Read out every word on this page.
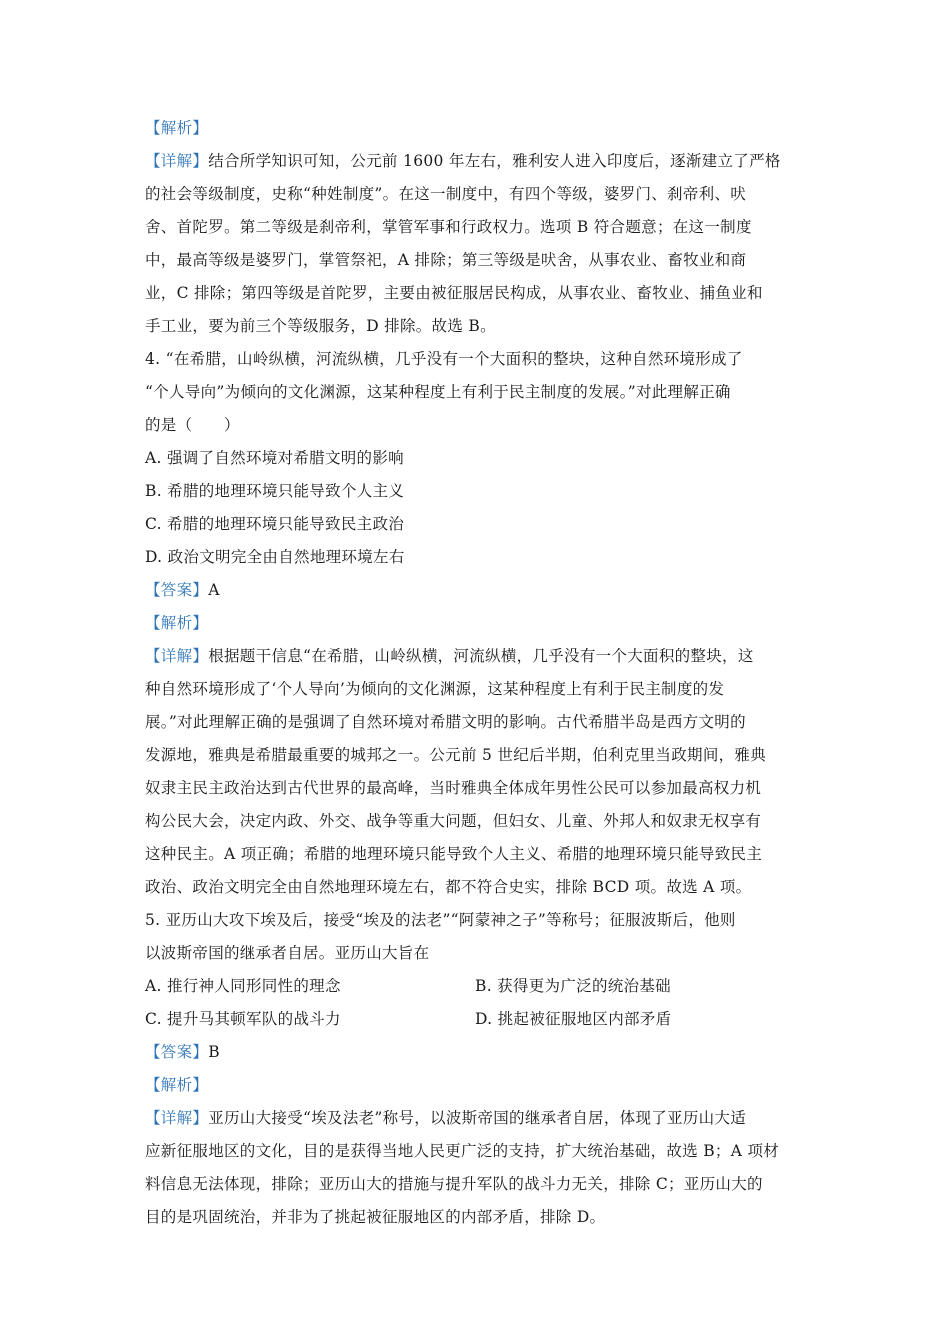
【解析】
【详解】结合所学知识可知，公元前 1600 年左右，雅利安人进入印度后，逐渐建立了严格
的社会等级制度，史称“种姓制度”。在这一制度中，有四个等级，婆罗门、刹帝利、吠
舍、首陀罗。第二等级是刹帝利，掌管军事和行政权力。选项 B 符合题意；在这一制度
中，最高等级是婆罗门，掌管祭祀，A 排除；第三等级是吠舍，从事农业、畜牧业和商
业，C 排除；第四等级是首陀罗，主要由被征服居民构成，从事农业、畜牧业、捕鱼业和
手工业，要为前三个等级服务，D 排除。故选 B。
4. “在希腊，山岭纵横，河流纵横，几乎没有一个大面积的整块，这种自然环境形成了
“个人导向”为倾向的文化渊源，这某种程度上有利于民主制度的发展。”对此理解正确
的是（　　）
A. 强调了自然环境对希腊文明的影响
B. 希腊的地理环境只能导致个人主义
C. 希腊的地理环境只能导致民主政治
D. 政治文明完全由自然地理环境左右
【答案】A
【解析】
【详解】根据题干信息“在希腊，山岭纵横，河流纵横，几乎没有一个大面积的整块，这
种自然环境形成了‘个人导向’为倾向的文化渊源，这某种程度上有利于民主制度的发
展。”对此理解正确的是强调了自然环境对希腊文明的影响。古代希腊半岛是西方文明的
发源地，雅典是希腊最重要的城邦之一。公元前 5 世纪后半期，伯利克里当政期间，雅典
奴隶主民主政治达到古代世界的最高峰，当时雅典全体成年男性公民可以参加最高权力机
构公民大会，决定内政、外交、战争等重大问题，但妇女、儿童、外邦人和奴隶无权享有
这种民主。A 项正确；希腊的地理环境只能导致个人主义、希腊的地理环境只能导致民主
政治、政治文明完全由自然地理环境左右，都不符合史实，排除 BCD 项。故选 A 项。
5. 亚历山大攻下埃及后，接受“埃及的法老”“阿蒙神之子”等称号；征服波斯后，他则
以波斯帝国的继承者自居。亚历山大旨在
A. 推行神人同形同性的理念	B. 获得更为广泛的统治基础
C. 提升马其顿军队的战斗力	D. 挑起被征服地区内部矛盾
【答案】B
【解析】
【详解】亚历山大接受“埃及法老”称号，以波斯帝国的继承者自居，体现了亚历山大适
应新征服地区的文化，目的是获得当地人民更广泛的支持，扩大统治基础，故选 B；A 项材
料信息无法体现，排除；亚历山大的措施与提升军队的战斗力无关，排除 C；亚历山大的
目的是巩固统治，并非为了挑起被征服地区的内部矛盾，排除 D。
